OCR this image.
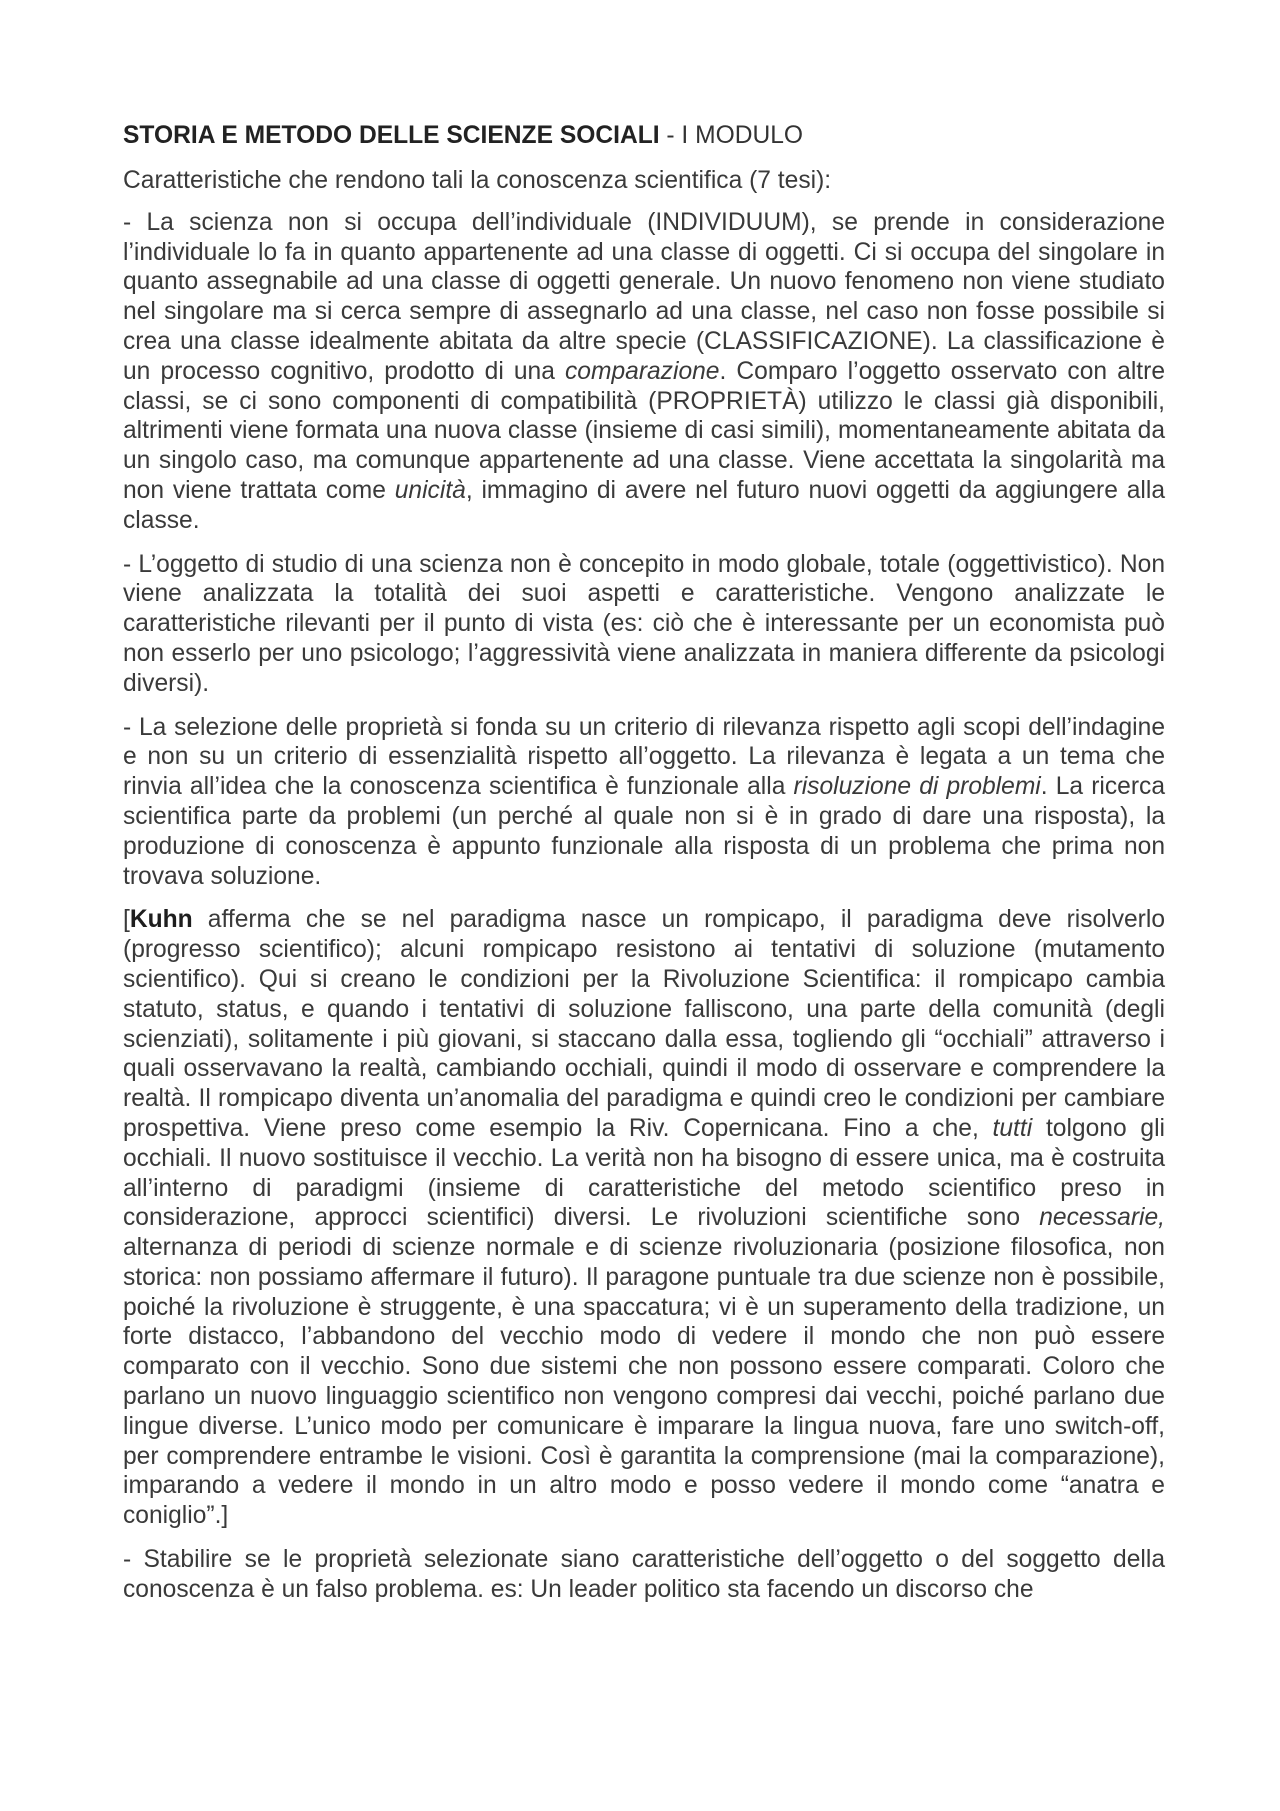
STORIA E METODO DELLE SCIENZE SOCIALI - I MODULO

Caratteristiche che rendono tali la conoscenza scientifica (7 tesi):

- La scienza non si occupa dell’individuale (INDIVIDUUM), se prende in considerazione l’individuale lo fa in quanto appartenente ad una classe di oggetti. Ci si occupa del singolare in quanto assegnabile ad una classe di oggetti generale. Un nuovo fenomeno non viene studiato nel singolare ma si cerca sempre di assegnarlo ad una classe, nel caso non fosse possibile si crea una classe idealmente abitata da altre specie (CLASSIFICAZIONE). La classificazione è un processo cognitivo, prodotto di una comparazione. Comparo l’oggetto osservato con altre classi, se ci sono componenti di compatibilità (PROPRIETÀ) utilizzo le classi già disponibili, altrimenti viene formata una nuova classe (insieme di casi simili), momentaneamente abitata da un singolo caso, ma comunque appartenente ad una classe. Viene accettata la singolarità ma non viene trattata come unicità, immagino di avere nel futuro nuovi oggetti da aggiungere alla classe.

- L’oggetto di studio di una scienza non è concepito in modo globale, totale (oggettivistico). Non viene analizzata la totalità dei suoi aspetti e caratteristiche. Vengono analizzate le caratteristiche rilevanti per il punto di vista (es: ciò che è interessante per un economista può non esserlo per uno psicologo; l’aggressività viene analizzata in maniera differente da psicologi diversi).

- La selezione delle proprietà si fonda su un criterio di rilevanza rispetto agli scopi dell’indagine e non su un criterio di essenzialità rispetto all’oggetto. La rilevanza è legata a un tema che rinvia all’idea che la conoscenza scientifica è funzionale alla risoluzione di problemi. La ricerca scientifica parte da problemi (un perché al quale non si è in grado di dare una risposta), la produzione di conoscenza è appunto funzionale alla risposta di un problema che prima non trovava soluzione.

[Kuhn afferma che se nel paradigma nasce un rompicapo, il paradigma deve risolverlo (progresso scientifico); alcuni rompicapo resistono ai tentativi di soluzione (mutamento scientifico). Qui si creano le condizioni per la Rivoluzione Scientifica: il rompicapo cambia statuto, status, e quando i tentativi di soluzione falliscono, una parte della comunità (degli scienziati), solitamente i più giovani, si staccano dalla essa, togliendo gli “occhiali” attraverso i quali osservavano la realtà, cambiando occhiali, quindi il modo di osservare e comprendere la realtà. Il rompicapo diventa un’anomalia del paradigma e quindi creo le condizioni per cambiare prospettiva. Viene preso come esempio la Riv. Copernicana. Fino a che, tutti tolgono gli occhiali. Il nuovo sostituisce il vecchio. La verità non ha bisogno di essere unica, ma è costruita all’interno di paradigmi (insieme di caratteristiche del metodo scientifico preso in considerazione, approcci scientifici) diversi. Le rivoluzioni scientifiche sono necessarie, alternanza di periodi di scienze normale e di scienze rivoluzionaria (posizione filosofica, non storica: non possiamo affermare il futuro). Il paragone puntuale tra due scienze non è possibile, poiché la rivoluzione è struggente, è una spaccatura; vi è un superamento della tradizione, un forte distacco, l’abbandono del vecchio modo di vedere il mondo che non può essere comparato con il vecchio. Sono due sistemi che non possono essere comparati. Coloro che parlano un nuovo linguaggio scientifico non vengono compresi dai vecchi, poiché parlano due lingue diverse. L’unico modo per comunicare è imparare la lingua nuova, fare uno switch-off, per comprendere entrambe le visioni. Così è garantita la comprensione (mai la comparazione), imparando a vedere il mondo in un altro modo e posso vedere il mondo come “anatra e coniglio”.]

- Stabilire se le proprietà selezionate siano caratteristiche dell’oggetto o del soggetto della conoscenza è un falso problema. es: Un leader politico sta facendo un discorso che
